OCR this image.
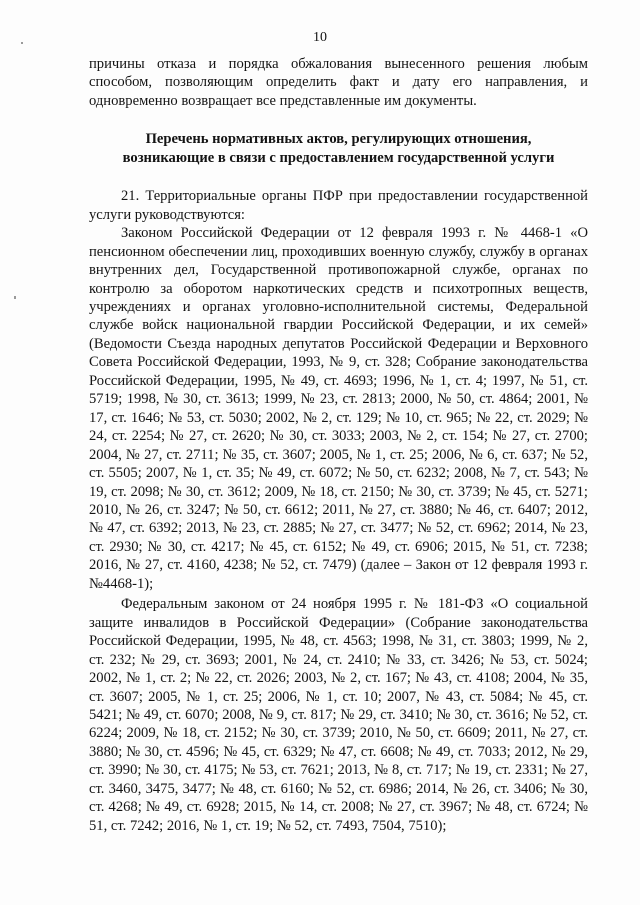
10

причины отказа и порядка обжалования вынесенного решения любым способом, позволяющим определить факт и дату его направления, и одновременно возвращает все представленные им документы.

Перечень нормативных актов, регулирующих отношения, возникающие в связи с предоставлением государственной услуги

21. Территориальные органы ПФР при предоставлении государственной услуги руководствуются:

Законом Российской Федерации от 12 февраля 1993 г. № 4468-1 «О пенсионном обеспечении лиц, проходивших военную службу, службу в органах внутренних дел, Государственной противопожарной службе, органах по контролю за оборотом наркотических средств и психотропных веществ, учреждениях и органах уголовно-исполнительной системы, Федеральной службе войск национальной гвардии Российской Федерации, и их семей» (Ведомости Съезда народных депутатов Российской Федерации и Верховного Совета Российской Федерации, 1993, № 9, ст. 328; Собрание законодательства Российской Федерации, 1995, № 49, ст. 4693; 1996, № 1, ст. 4; 1997, № 51, ст. 5719; 1998, № 30, ст. 3613; 1999, № 23, ст. 2813; 2000, № 50, ст. 4864; 2001, № 17, ст. 1646; № 53, ст. 5030; 2002, № 2, ст. 129; № 10, ст. 965; № 22, ст. 2029; № 24, ст. 2254; № 27, ст. 2620; № 30, ст. 3033; 2003, № 2, ст. 154; № 27, ст. 2700; 2004, № 27, ст. 2711; № 35, ст. 3607; 2005, № 1, ст. 25; 2006, № 6, ст. 637; № 52, ст. 5505; 2007, № 1, ст. 35; № 49, ст. 6072; № 50, ст. 6232; 2008, № 7, ст. 543; № 19, ст. 2098; № 30, ст. 3612; 2009, № 18, ст. 2150; № 30, ст. 3739; № 45, ст. 5271; 2010, № 26, ст. 3247; № 50, ст. 6612; 2011, № 27, ст. 3880; № 46, ст. 6407; 2012, № 47, ст. 6392; 2013, № 23, ст. 2885; № 27, ст. 3477; № 52, ст. 6962; 2014, № 23, ст. 2930; № 30, ст. 4217; № 45, ст. 6152; № 49, ст. 6906; 2015, № 51, ст. 7238; 2016, № 27, ст. 4160, 4238; № 52, ст. 7479) (далее – Закон от 12 февраля 1993 г. №4468-1);

Федеральным законом от 24 ноября 1995 г. № 181-ФЗ «О социальной защите инвалидов в Российской Федерации» (Собрание законодательства Российской Федерации, 1995, № 48, ст. 4563; 1998, № 31, ст. 3803; 1999, № 2, ст. 232; № 29, ст. 3693; 2001, № 24, ст. 2410; № 33, ст. 3426; № 53, ст. 5024; 2002, № 1, ст. 2; № 22, ст. 2026; 2003, № 2, ст. 167; № 43, ст. 4108; 2004, № 35, ст. 3607; 2005, № 1, ст. 25; 2006, № 1, ст. 10; 2007, № 43, ст. 5084; № 45, ст. 5421; № 49, ст. 6070; 2008, № 9, ст. 817; № 29, ст. 3410; № 30, ст. 3616; № 52, ст. 6224; 2009, № 18, ст. 2152; № 30, ст. 3739; 2010, № 50, ст. 6609; 2011, № 27, ст. 3880; № 30, ст. 4596; № 45, ст. 6329; № 47, ст. 6608; № 49, ст. 7033; 2012, № 29, ст. 3990; № 30, ст. 4175; № 53, ст. 7621; 2013, № 8, ст. 717; № 19, ст. 2331; № 27, ст. 3460, 3475, 3477; № 48, ст. 6160; № 52, ст. 6986; 2014, № 26, ст. 3406; № 30, ст. 4268; № 49, ст. 6928; 2015, № 14, ст. 2008; № 27, ст. 3967; № 48, ст. 6724; № 51, ст. 7242; 2016, № 1, ст. 19; № 52, ст. 7493, 7504, 7510);
